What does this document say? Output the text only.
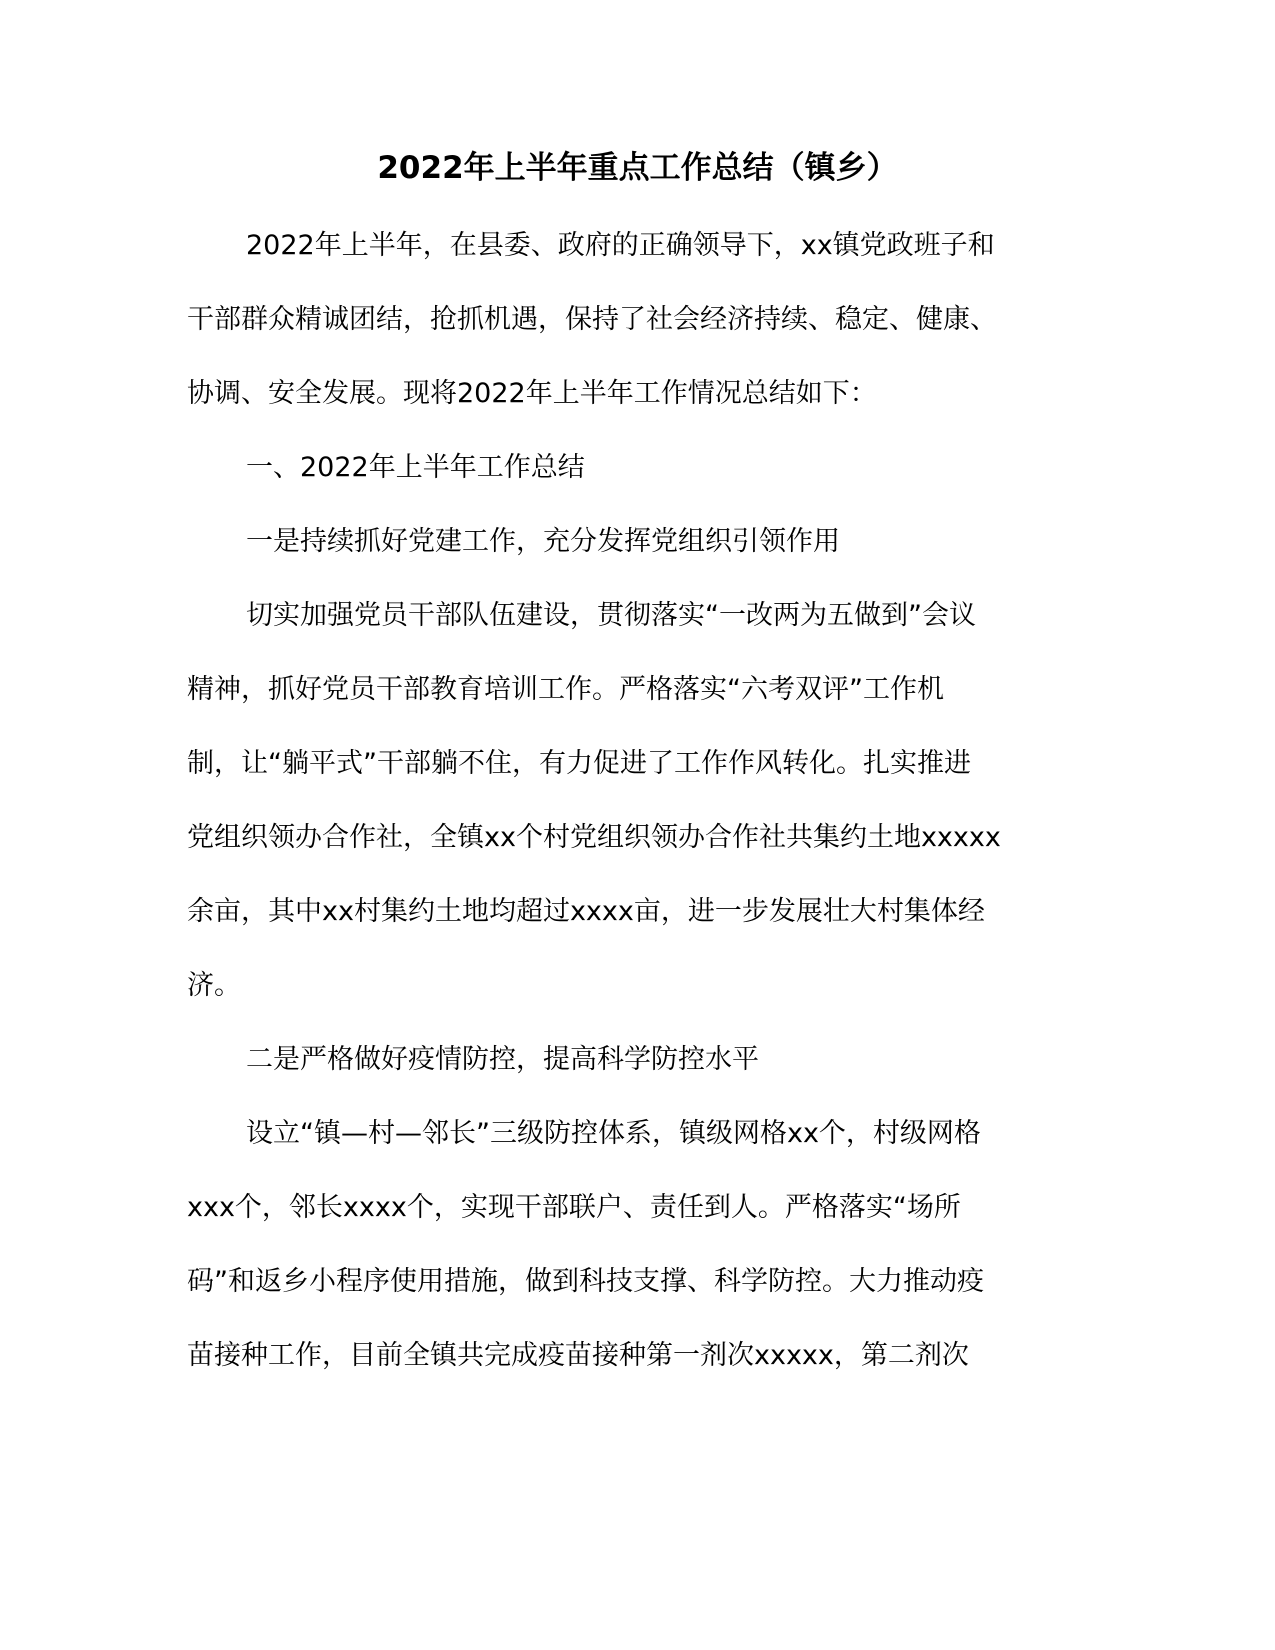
2022年上半年重点工作总结（镇乡）
2022年上半年，在县委、政府的正确领导下，xx镇党政班子和
干部群众精诚团结，抢抓机遇，保持了社会经济持续、稳定、健康、
协调、安全发展。现将2022年上半年工作情况总结如下：
一、2022年上半年工作总结
一是持续抓好党建工作，充分发挥党组织引领作用
切实加强党员干部队伍建设，贯彻落实“一改两为五做到”会议
精神，抓好党员干部教育培训工作。严格落实“六考双评”工作机
制，让“躺平式”干部躺不住，有力促进了工作作风转化。扎实推进
党组织领办合作社，全镇xx个村党组织领办合作社共集约土地xxxxx
余亩，其中xx村集约土地均超过xxxx亩，进一步发展壮大村集体经
济。
二是严格做好疫情防控，提高科学防控水平
设立“镇—村—邻长”三级防控体系，镇级网格xx个，村级网格
xxx个，邻长xxxx个，实现干部联户、责任到人。严格落实“场所
码”和返乡小程序使用措施，做到科技支撑、科学防控。大力推动疫
苗接种工作，目前全镇共完成疫苗接种第一剂次xxxxx，第二剂次
